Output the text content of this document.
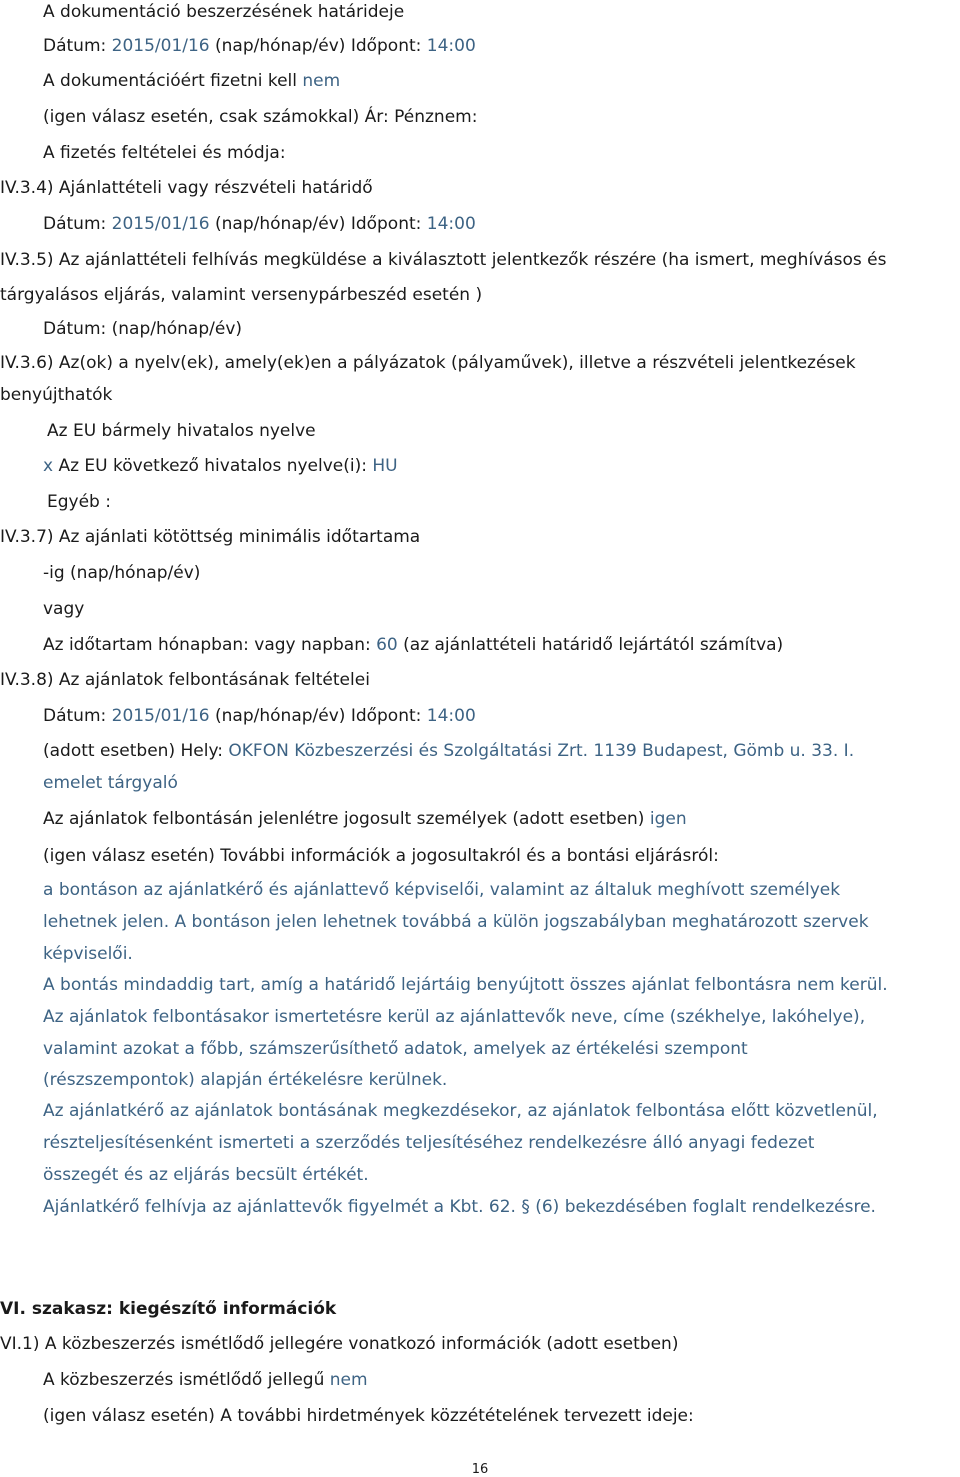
A dokumentáció beszerzésének határideje
Dátum: 2015/01/16 (nap/hónap/év) Időpont: 14:00
A dokumentációért fizetni kell nem
(igen válasz esetén, csak számokkal) Ár: Pénznem:
A fizetés feltételei és módja:
IV.3.4) Ajánlattételi vagy részvételi határidő
Dátum: 2015/01/16 (nap/hónap/év) Időpont: 14:00
IV.3.5) Az ajánlattételi felhívás megküldése a kiválasztott jelentkezők részére (ha ismert, meghívásos és
tárgyalásos eljárás, valamint versenypárbeszéd esetén )
Dátum: (nap/hónap/év)
IV.3.6) Az(ok) a nyelv(ek), amely(ek)en a pályázatok (pályaművek), illetve a részvételi jelentkezések
benyújthatók
Az EU bármely hivatalos nyelve
x Az EU következő hivatalos nyelve(i): HU
Egyéb :
IV.3.7) Az ajánlati kötöttség minimális időtartama
-ig (nap/hónap/év)
vagy
Az időtartam hónapban: vagy napban: 60 (az ajánlattételi határidő lejártától számítva)
IV.3.8) Az ajánlatok felbontásának feltételei
Dátum: 2015/01/16 (nap/hónap/év) Időpont: 14:00
(adott esetben) Hely: OKFON Közbeszerzési és Szolgáltatási Zrt. 1139 Budapest, Gömb u. 33. I.
emelet tárgyaló
Az ajánlatok felbontásán jelenlétre jogosult személyek (adott esetben) igen
(igen válasz esetén) További információk a jogosultakról és a bontási eljárásról:
a bontáson az ajánlatkérő és ajánlattevő képviselői, valamint az általuk meghívott személyek
lehetnek jelen. A bontáson jelen lehetnek továbbá a külön jogszabályban meghatározott szervek
képviselői.
A bontás mindaddig tart, amíg a határidő lejártáig benyújtott összes ajánlat felbontásra nem kerül.
Az ajánlatok felbontásakor ismertetésre kerül az ajánlattevők neve, címe (székhelye, lakóhelye),
valamint azokat a főbb, számszerűsíthető adatok, amelyek az értékelési szempont
(részszempontok) alapján értékelésre kerülnek.
Az ajánlatkérő az ajánlatok bontásának megkezdésekor, az ajánlatok felbontása előtt közvetlenül,
részteljesítésenként ismerteti a szerződés teljesítéséhez rendelkezésre álló anyagi fedezet
összegét és az eljárás becsült értékét.
Ajánlatkérő felhívja az ajánlattevők figyelmét a Kbt. 62. § (6) bekezdésében foglalt rendelkezésre.
VI. szakasz: kiegészítő információk
VI.1) A közbeszerzés ismétlődő jellegére vonatkozó információk (adott esetben)
A közbeszerzés ismétlődő jellegű nem
(igen válasz esetén) A további hirdetmények közzétételének tervezett ideje:
16
